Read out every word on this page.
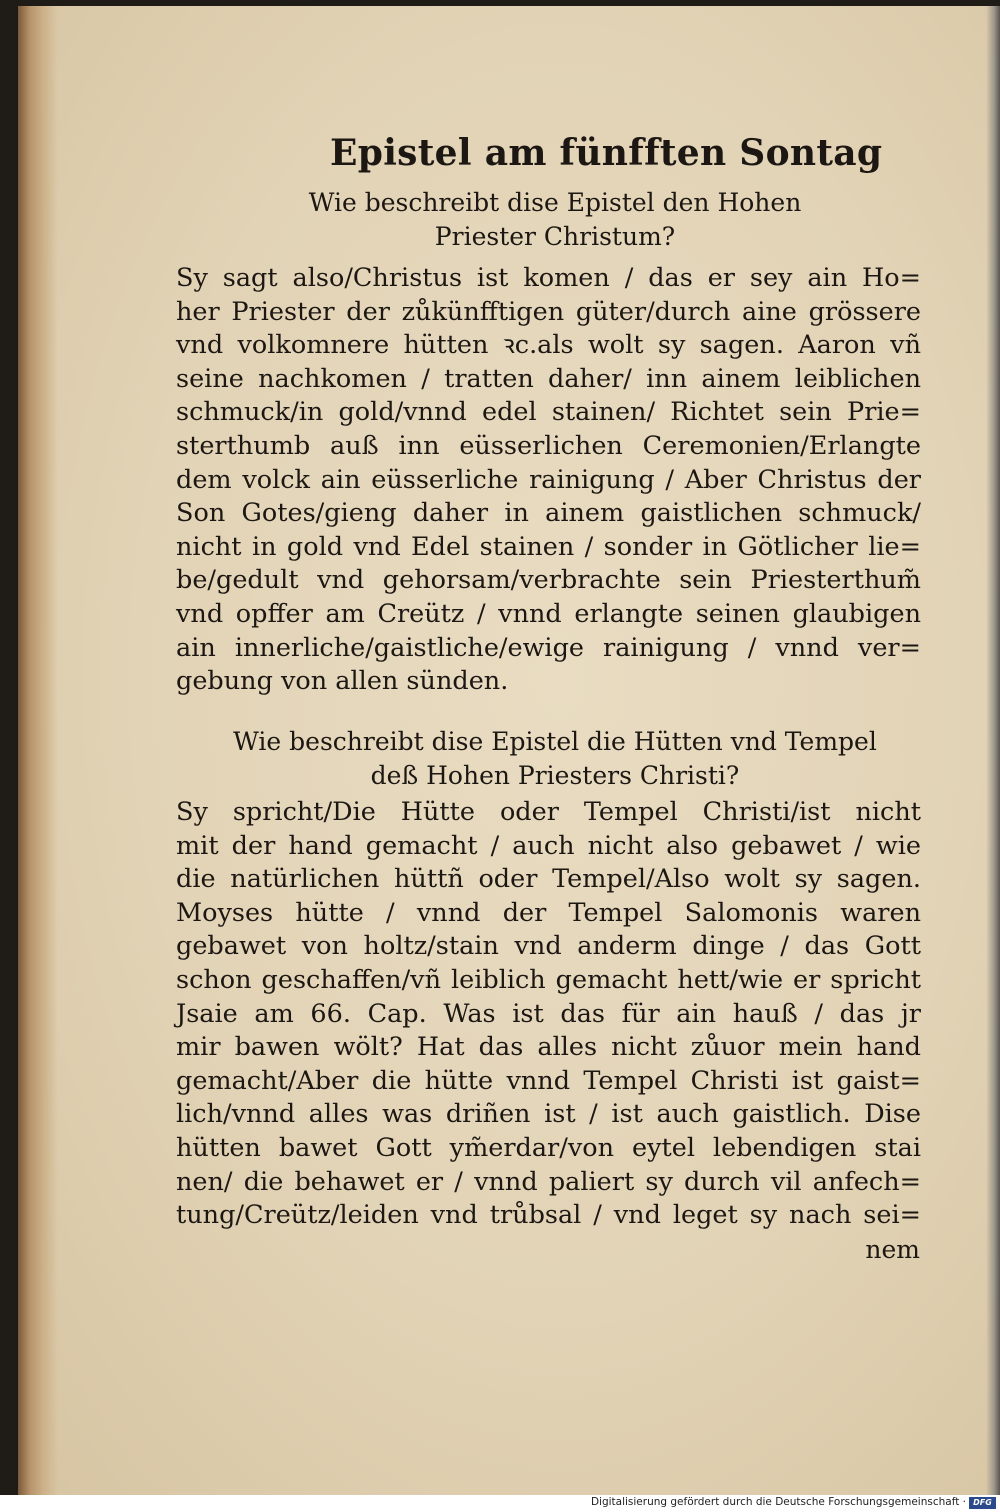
Epistel am fünfften Sontag
Wie beschreibt dise Epistel den Hohen
Priester Christum?
Sy sagt also/Christus ist komen / das er sey ain Ho=
her Priester der zůkünfftigen güter/durch aine grössere
vnd volkomnere hütten ꝛc.als wolt sy sagen. Aaron vñ
seine nachkomen / tratten daher/ inn ainem leiblichen
schmuck/in gold/vnnd edel stainen/ Richtet sein Prie=
sterthumb auß inn eüsserlichen Ceremonien/Erlangte
dem volck ain eüsserliche rainigung / Aber Christus der
Son Gotes/gieng daher in ainem gaistlichen schmuck/
nicht in gold vnd Edel stainen / sonder in Götlicher lie=
be/gedult vnd gehorsam/verbrachte sein Priesterthum̃
vnd opffer am Creütz / vnnd erlangte seinen glaubigen
ain innerliche/gaistliche/ewige rainigung / vnnd ver=
gebung von allen sünden.
Wie beschreibt dise Epistel die Hütten vnd Tempel
deß Hohen Priesters Christi?
Sy spricht/Die Hütte oder Tempel Christi/ist nicht
mit der hand gemacht / auch nicht also gebawet / wie
die natürlichen hüttñ oder Tempel/Also wolt sy sagen.
Moyses hütte / vnnd der Tempel Salomonis waren
gebawet von holtz/stain vnd anderm dinge / das Gott
schon geschaffen/vñ leiblich gemacht hett/wie er spricht
Jsaie am 66. Cap. Was ist das für ain hauß / das jr
mir bawen wölt? Hat das alles nicht zůuor mein hand
gemacht/Aber die hütte vnnd Tempel Christi ist gaist=
lich/vnnd alles was driñen ist / ist auch gaistlich. Dise
hütten bawet Gott ym̃erdar/von eytel lebendigen stai
nen/ die behawet er / vnnd paliert sy durch vil anfech=
tung/Creütz/leiden vnd trůbsal / vnd leget sy nach sei=
nem
Digitalisierung gefördert durch die Deutsche Forschungsgemeinschaft · DFG
